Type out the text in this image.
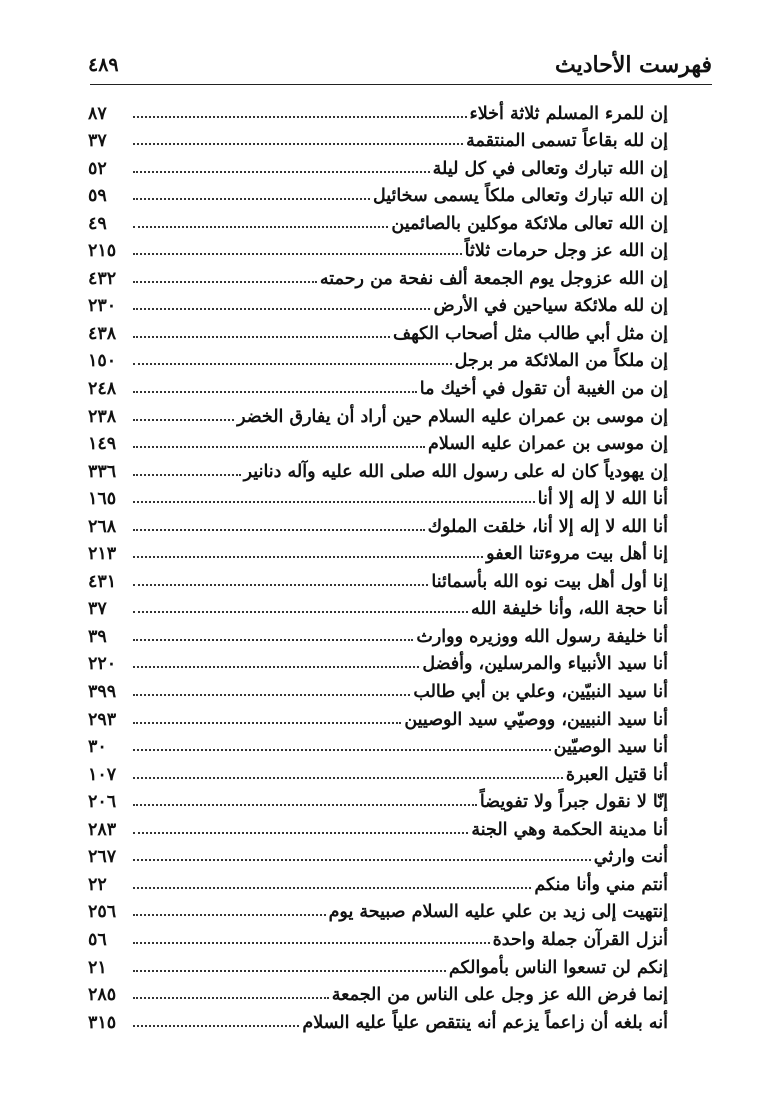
فهرست الأحاديث
٤٨٩
إن للمرء المسلم ثلاثة أخلاء
٨٧
إن لله بقاعاً تسمى المنتقمة
٣٧
إن الله تبارك وتعالى في كل ليلة
٥٢
إن الله تبارك وتعالى ملكاً يسمى سخائيل
٥٩
إن الله تعالى ملائكة موكلين بالصائمين
٤٩
إن الله عز وجل حرمات ثلاثاً
٢١٥
إن الله عزوجل يوم الجمعة ألف نفحة من رحمته
٤٣٢
إن لله ملائكة سياحين في الأرض
٢٣٠
إن مثل أبي طالب مثل أصحاب الكهف
٤٣٨
إن ملكاً من الملائكة مر برجل
١٥٠
إن من الغيبة أن تقول في أخيك ما
٢٤٨
إن موسى بن عمران عليه السلام حين أراد أن يفارق الخضر
٢٣٨
إن موسى بن عمران عليه السلام
١٤٩
إن يهودياً كان له على رسول الله صلى الله عليه وآله دنانير
٣٣٦
أنا الله لا إله إلا أنا
١٦٥
أنا الله لا إله إلا أنا، خلقت الملوك
٢٦٨
إنا أهل بيت مروءتنا العفو
٢١٣
إنا أول أهل بيت نوه الله بأسمائنا
٤٣١
أنا حجة الله، وأنا خليفة الله
٣٧
أنا خليفة رسول الله ووزيره ووارث
٣٩
أنا سيد الأنبياء والمرسلين، وأفضل
٢٢٠
أنا سيد النبيّين، وعلي بن أبي طالب
٣٩٩
أنا سيد النبيين، ووصيّي سيد الوصيين
٢٩٣
أنا سيد الوصيّين
٣٠
أنا قتيل العبرة
١٠٧
إنّا لا نقول جبراً ولا تفويضاً
٢٠٦
أنا مدينة الحكمة وهي الجنة
٢٨٣
أنت وارثي
٢٦٧
أنتم مني وأنا منكم
٢٢
إنتهيت إلى زيد بن علي عليه السلام صبيحة يوم
٢٥٦
أنزل القرآن جملة واحدة
٥٦
إنكم لن تسعوا الناس بأموالكم
٢١
إنما فرض الله عز وجل على الناس من الجمعة
٢٨٥
أنه بلغه أن زاعماً يزعم أنه ينتقص علياً عليه السلام
٣١٥
